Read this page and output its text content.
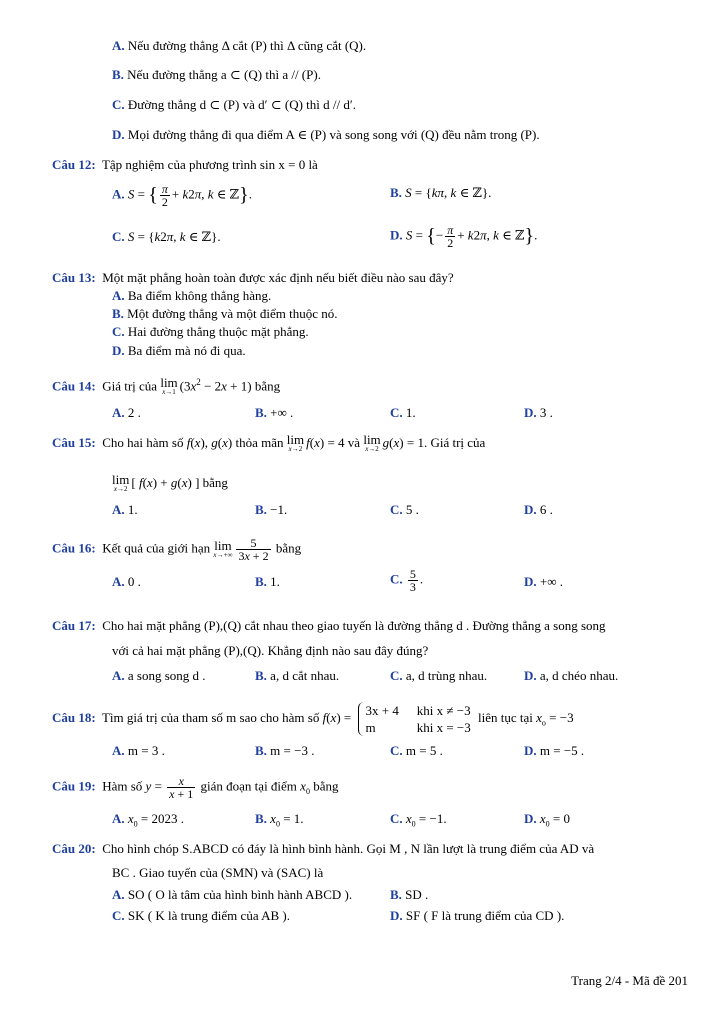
A. Nếu đường thẳng Δ cắt (P) thì Δ cũng cắt (Q).
B. Nếu đường thẳng a ⊂ (Q) thì a // (P).
C. Đường thẳng d ⊂ (P) và d′ ⊂ (Q) thì d // d′.
D. Mọi đường thẳng đi qua điểm A ∈ (P) và song song với (Q) đều nằm trong (P).
Câu 12: Tập nghiệm của phương trình sin x = 0 là
A. S = { $\frac{\pi}{2} + k2\pi$, k ∈ ℤ}.	B. S = {kπ, k ∈ ℤ}.
C. S = {k2π, k ∈ ℤ}.	D. S = {− $\frac{\pi}{2} + k2\pi$, k ∈ ℤ}.
Câu 13: Một mặt phẳng hoàn toàn được xác định nếu biết điều nào sau đây?
A. Ba điểm không thẳng hàng.
B. Một đường thẳng và một điểm thuộc nó.
C. Hai đường thẳng thuộc mặt phẳng.
D. Ba điểm mà nó đi qua.
Câu 14: Giá trị của lim
x→1 $(3x^2 - 2x + 1)$ bằng
A. 2 .	B. +∞ .	C. 1.	D. 3 .
Câu 15: Cho hai hàm số f(x), g(x) thỏa mãn lim
x→2 f(x) = 4 và lim
x→2 g(x) = 1. Giá trị của
lim
x→2 [ f(x) + g(x) ] bằng
A. 1.	B. −1.	C. 5 .	D. 6 .
Câu 16: Kết quả của giới hạn lim
$x\to+\infty \frac{5}{3x + 2}$ bằng
A. 0 .	B. 1.	C. $\frac{5}{3}$ .	D. +∞ .
Câu 17: Cho hai mặt phẳng (P),(Q) cắt nhau theo giao tuyến là đường thẳng d . Đường thẳng a song song
với cả hai mặt phẳng (P),(Q). Khẳng định nào sau đây đúng?
A. a song song d .	B. a, d cắt nhau.	C. a, d trùng nhau.	D. a, d chéo nhau.
Câu 18: Tìm giá trị của tham số m sao cho hàm số f(x) = 3x + 4 khi x ≠ −3
m	khi x = −3
liên tục tại $x_o = -3$
A. m = 3 .	B. m = −3 .	C. m = 5 .	D. m = −5 .
Câu 19: Hàm số $y = \frac{x}{x + 1}$ gián đoạn tại điểm $x_0$ bằng
A. $x_0 = 2023$ .	B. $x_0 = 1$.	C. $x_0 = -1$.	D. $x_0 = 0$
Câu 20: Cho hình chóp S.ABCD có đáy là hình bình hành. Gọi M , N lần lượt là trung điểm của AD và
BC . Giao tuyến của (SMN) và (SAC) là
A. SO ( O là tâm của hình bình hành ABCD ).	B. SD .
C. SK ( K là trung điểm của AB ).	D. SF ( F là trung điểm của CD ).
Trang 2/4 - Mã đề 201
